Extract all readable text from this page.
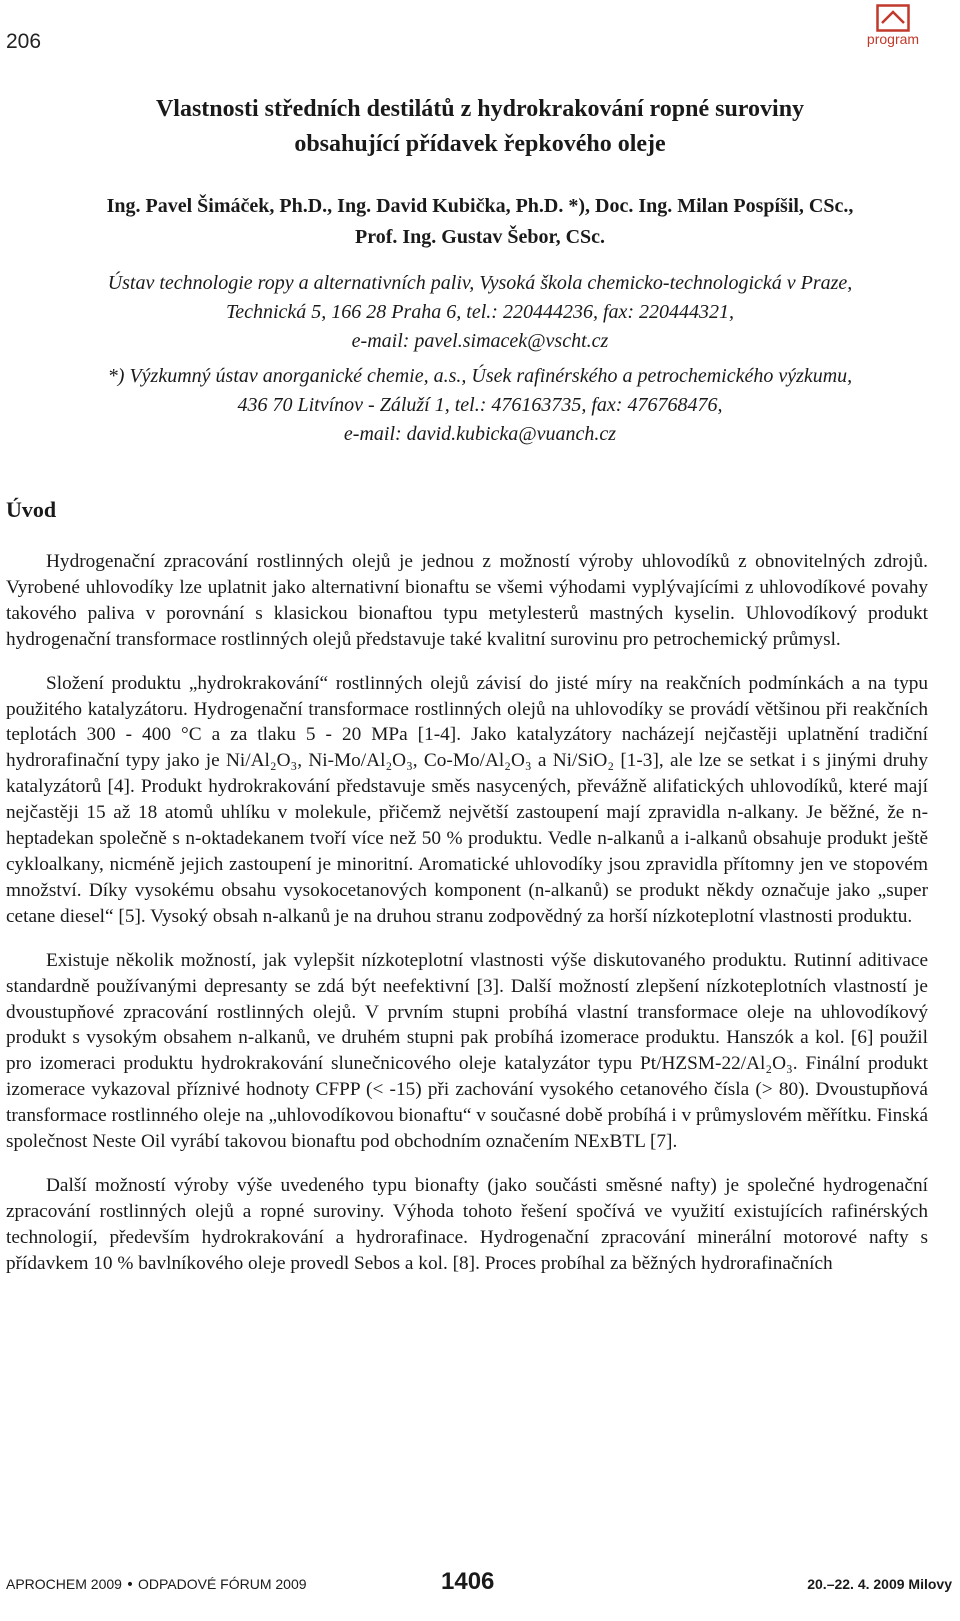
206	program
Vlastnosti středních destilátů z hydrokrakování ropné suroviny
obsahující přídavek řepkového oleje
Ing. Pavel Šimáček, Ph.D., Ing. David Kubička, Ph.D. *), Doc. Ing. Milan Pospíšil, CSc.,
Prof. Ing. Gustav Šebor, CSc.
Ústav technologie ropy a alternativních paliv, Vysoká škola chemicko-technologická v Praze,
Technická 5, 166 28 Praha 6, tel.: 220444236, fax: 220444321,
e-mail: pavel.simacek@vscht.cz
*) Výzkumný ústav anorganické chemie, a.s., Úsek rafinérského a petrochemického výzkumu,
436 70 Litvínov - Záluží 1, tel.: 476163735, fax: 476768476,
e-mail: david.kubicka@vuanch.cz
Úvod

Hydrogenační zpracování rostlinných olejů je jednou z možností výroby uhlovodíků z obnovitelných zdrojů. Vyrobené uhlovodíky lze uplatnit jako alternativní bionaftu se všemi výhodami vyplývajícími z uhlovodíkové povahy takového paliva v porovnání s klasickou bionaftou typu metylesterů mastných kyselin. Uhlovodíkový produkt hydrogenační transformace rostlinných olejů představuje také kvalitní surovinu pro petrochemický průmysl.

Složení produktu „hydrokrakování“ rostlinných olejů závisí do jisté míry na reakčních podmínkách a na typu použitého katalyzátoru. Hydrogenační transformace rostlinných olejů na uhlovodíky se provádí většinou při reakčních teplotách 300 - 400 °C a za tlaku 5 - 20 MPa [1-4]. Jako katalyzátory nacházejí nejčastěji uplatnění tradiční hydrorafinační typy jako je Ni/Al₂O₃, Ni-Mo/Al₂O₃, Co-Mo/Al₂O₃ a Ni/SiO₂ [1-3], ale lze se setkat i s jinými druhy katalyzátorů [4]. Produkt hydrokrakování představuje směs nasycených, převážně alifatických uhlovodíků, které mají nejčastěji 15 až 18 atomů uhlíku v molekule, přičemž největší zastoupení mají zpravidla n-alkany. Je běžné, že n-heptadekan společně s n-oktadekanem tvoří více než 50 % produktu. Vedle n-alkanů a i-alkanů obsahuje produkt ještě cykloalkany, nicméně jejich zastoupení je minoritní. Aromatické uhlovodíky jsou zpravidla přítomny jen ve stopovém množství. Díky vysokému obsahu vysokocetanových komponent (n-alkanů) se produkt někdy označuje jako „super cetane diesel“ [5]. Vysoký obsah n-alkanů je na druhou stranu zodpovědný za horší nízkoteplotní vlastnosti produktu.

Existuje několik možností, jak vylepšit nízkoteplotní vlastnosti výše diskutovaného produktu. Rutinní aditivace standardně používanými depresanty se zdá být neefektivní [3]. Další možností zlepšení nízkoteplotních vlastností je dvoustupňové zpracování rostlinných olejů. V prvním stupni probíhá vlastní transformace oleje na uhlovodíkový produkt s vysokým obsahem n-alkanů, ve druhém stupni pak probíhá izomerace produktu. Hanszók a kol. [6] použil pro izomeraci produktu hydrokrakování slunečnicového oleje katalyzátor typu Pt/HZSM-22/Al₂O₃. Finální produkt izomerace vykazoval příznivé hodnoty CFPP (< -15) při zachování vysokého cetanového čísla (> 80). Dvoustupňová transformace rostlinného oleje na „uhlovodíkovou bionaftu“ v současné době probíhá i v průmyslovém měřítku. Finská společnost Neste Oil vyrábí takovou bionaftu pod obchodním označením NExBTL [7].

Další možností výroby výše uvedeného typu bionafty (jako součásti směsné nafty) je společné hydrogenační zpracování rostlinných olejů a ropné suroviny. Výhoda tohoto řešení spočívá ve využití existujících rafinérských technologií, především hydrokrakování a hydrorafinace. Hydrogenační zpracování minerální motorové nafty s přídavkem 10 % bavlníkového oleje provedl Sebos a kol. [8]. Proces probíhal za běžných hydrorafinačních

APROCHEM 2009 • ODPADOVÉ FÓRUM 2009	1406	20.–22. 4. 2009 Milovy
